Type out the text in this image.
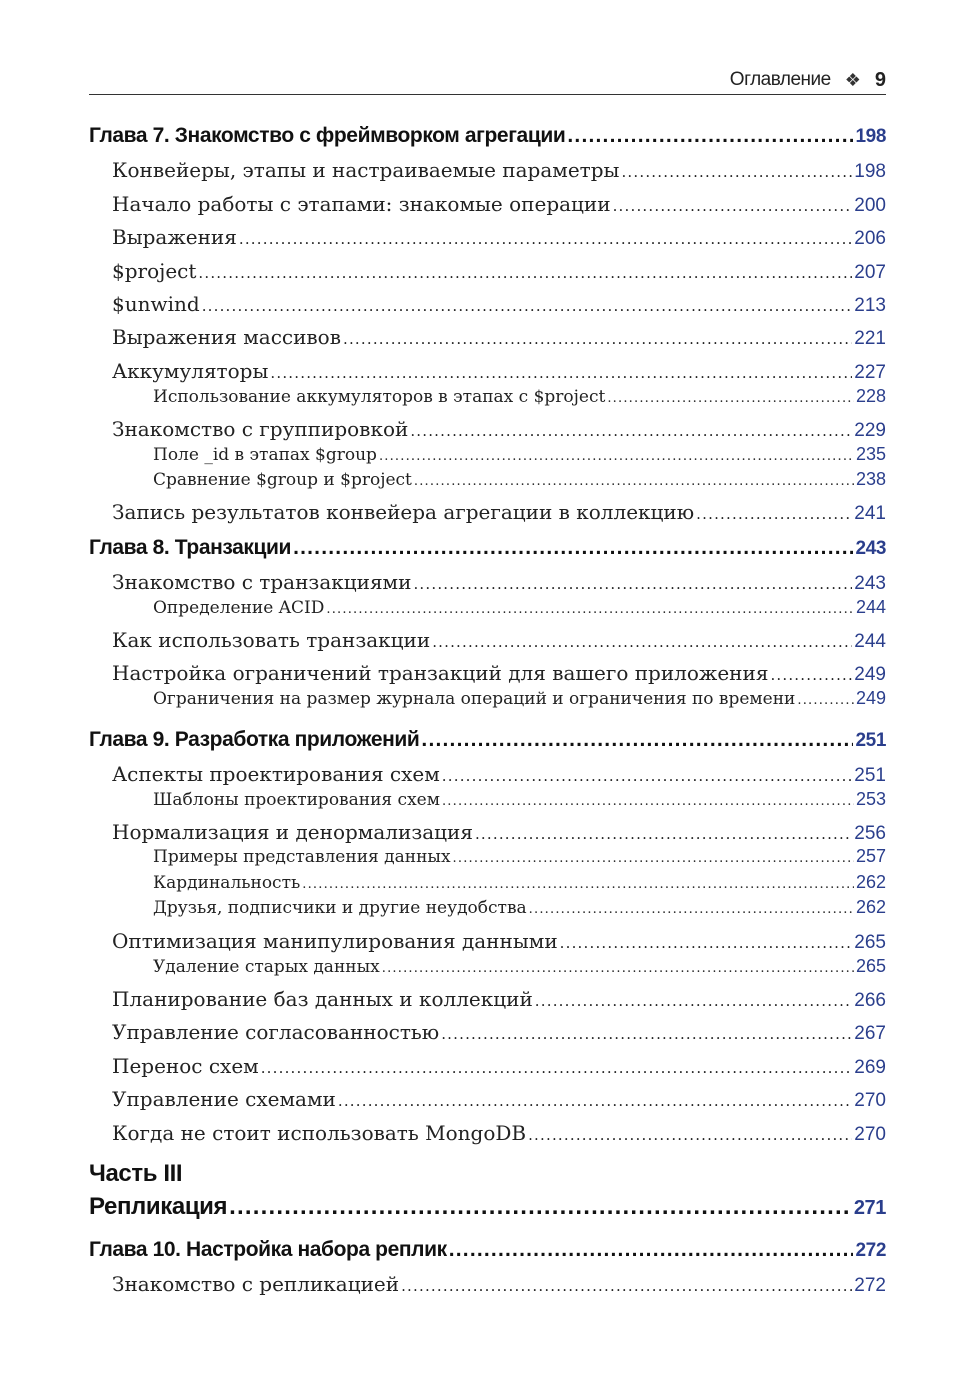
Оглавление ❖ 9
Глава 7. Знакомство с фреймворком агрегации .....	198
Конвейеры, этапы и настраиваемые параметры .....	198
Начало работы с этапами: знакомые операции .....	200
Выражения .....	206
$project .....	207
$unwind .....	213
Выражения массивов .....	221
Аккумуляторы .....	227
Использование аккумуляторов в этапах с $project .....	228
Знакомство с группировкой .....	229
Поле _id в этапах $group .....	235
Сравнение $group и $project .....	238
Запись результатов конвейера агрегации в коллекцию .....	241
Глава 8. Транзакции .....	243
Знакомство с транзакциями .....	243
Определение ACID .....	244
Как использовать транзакции .....	244
Настройка ограничений транзакций для вашего приложения .....	249
Ограничения на размер журнала операций и ограничения по времени .....	249
Глава 9. Разработка приложений .....	251
Аспекты проектирования схем .....	251
Шаблоны проектирования схем .....	253
Нормализация и денормализация .....	256
Примеры представления данных .....	257
Кардинальность .....	262
Друзья, подписчики и другие неудобства .....	262
Оптимизация манипулирования данными .....	265
Удаление старых данных .....	265
Планирование баз данных и коллекций .....	266
Управление согласованностью .....	267
Перенос схем .....	269
Управление схемами .....	270
Когда не стоит использовать MongoDB .....	270
Часть III
Репликация .....	271
Глава 10. Настройка набора реплик .....	272
Знакомство с репликацией .....	272
